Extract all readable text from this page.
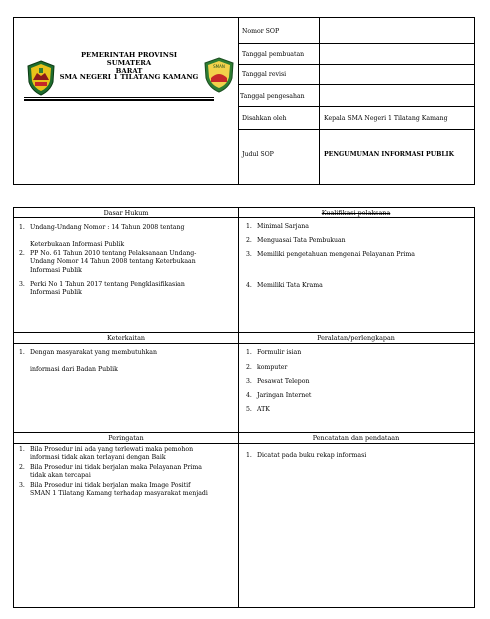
PEMERINTAH PROVINSI SUMATERA
BARAT
SMA NEGERI 1 TILATANG KAMANG
SMAN
Nomor SOP
Tanggal pembuatan
Tanggal revisi
Tanggal pengesahan
Disahkan oleh	Kepala SMA Negeri 1 Tilatang Kamang
Judul SOP	PENGUMUMAN INFORMASI PUBLIK
Dasar Hukum	Kualifikasi pelaksana
1. Undang-Undang Nomor : 14 Tahun 2008 tentang

Keterbukaan Informasi Publik
2. PP No. 61 Tahun 2010 tentang Pelaksanaan Undang-
Undang Nomor 14 Tahun 2008 tentang Keterbukaan
Informasi Publik
3. Perki No 1 Tahun 2017 tentang Pengklasifikasian
Informasi Publik
1. Minimal Sarjana
2. Menguasai Tata Pembukuan
3. Memiliki pengetahuan mengenai Pelayanan Prima
4. Memiliki Tata Krama
Keterkaitan	Peralatan/perlengkapan
1. Dengan masyarakat yang membutuhkan

informasi dari Badan Publik
1. Formulir isian
2. komputer
3. Pesawat Telepon
4. Jaringan Internet
5. ATK
Peringatan	Pencatatan dan pendataan
1. Bila Prosedur ini ada yang terlewati maka pemohon
informasi tidak akan terlayani dengan Baik
2. Bila Prosedur ini tidak berjalan maka Pelayanan Prima
tidak akan tercapai
3. Bila Prosedur ini tidak berjalan maka Image Positif
SMAN 1 Tilatang Kamang terhadap masyarakat menjadi
1. Dicatat pada buku rekap informasi
